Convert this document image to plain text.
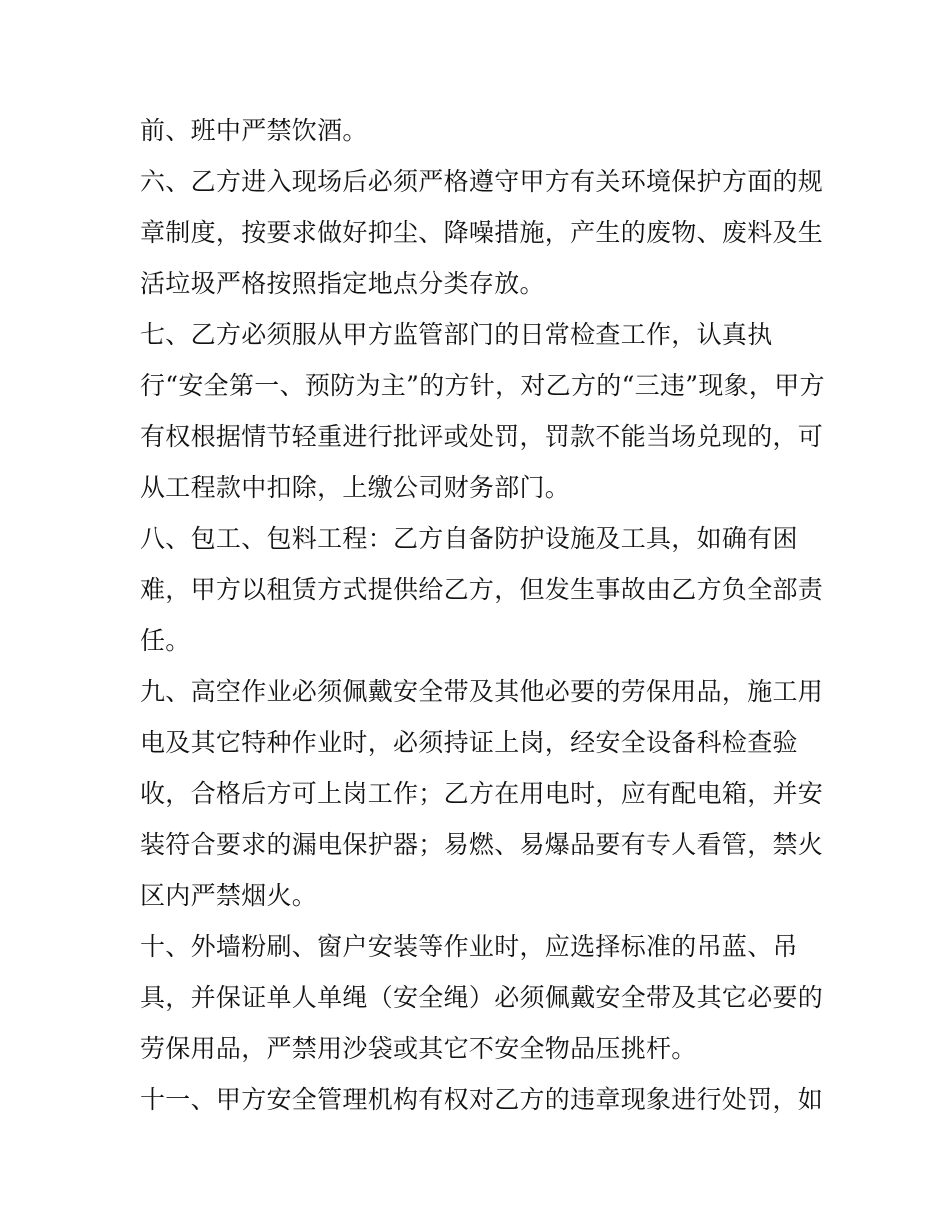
前、班中严禁饮酒。
六、乙方进入现场后必须严格遵守甲方有关环境保护方面的规
章制度，按要求做好抑尘、降噪措施，产生的废物、废料及生
活垃圾严格按照指定地点分类存放。
七、乙方必须服从甲方监管部门的日常检查工作，认真执
行“安全第一、预防为主”的方针，对乙方的“三违”现象，甲方
有权根据情节轻重进行批评或处罚，罚款不能当场兑现的，可
从工程款中扣除，上缴公司财务部门。
八、包工、包料工程：乙方自备防护设施及工具，如确有困
难，甲方以租赁方式提供给乙方，但发生事故由乙方负全部责
任。
九、高空作业必须佩戴安全带及其他必要的劳保用品，施工用
电及其它特种作业时，必须持证上岗，经安全设备科检查验
收，合格后方可上岗工作；乙方在用电时，应有配电箱，并安
装符合要求的漏电保护器；易燃、易爆品要有专人看管，禁火
区内严禁烟火。
十、外墙粉刷、窗户安装等作业时，应选择标准的吊蓝、吊
具，并保证单人单绳（安全绳）必须佩戴安全带及其它必要的
劳保用品，严禁用沙袋或其它不安全物品压挑杆。
十一、甲方安全管理机构有权对乙方的违章现象进行处罚，如
